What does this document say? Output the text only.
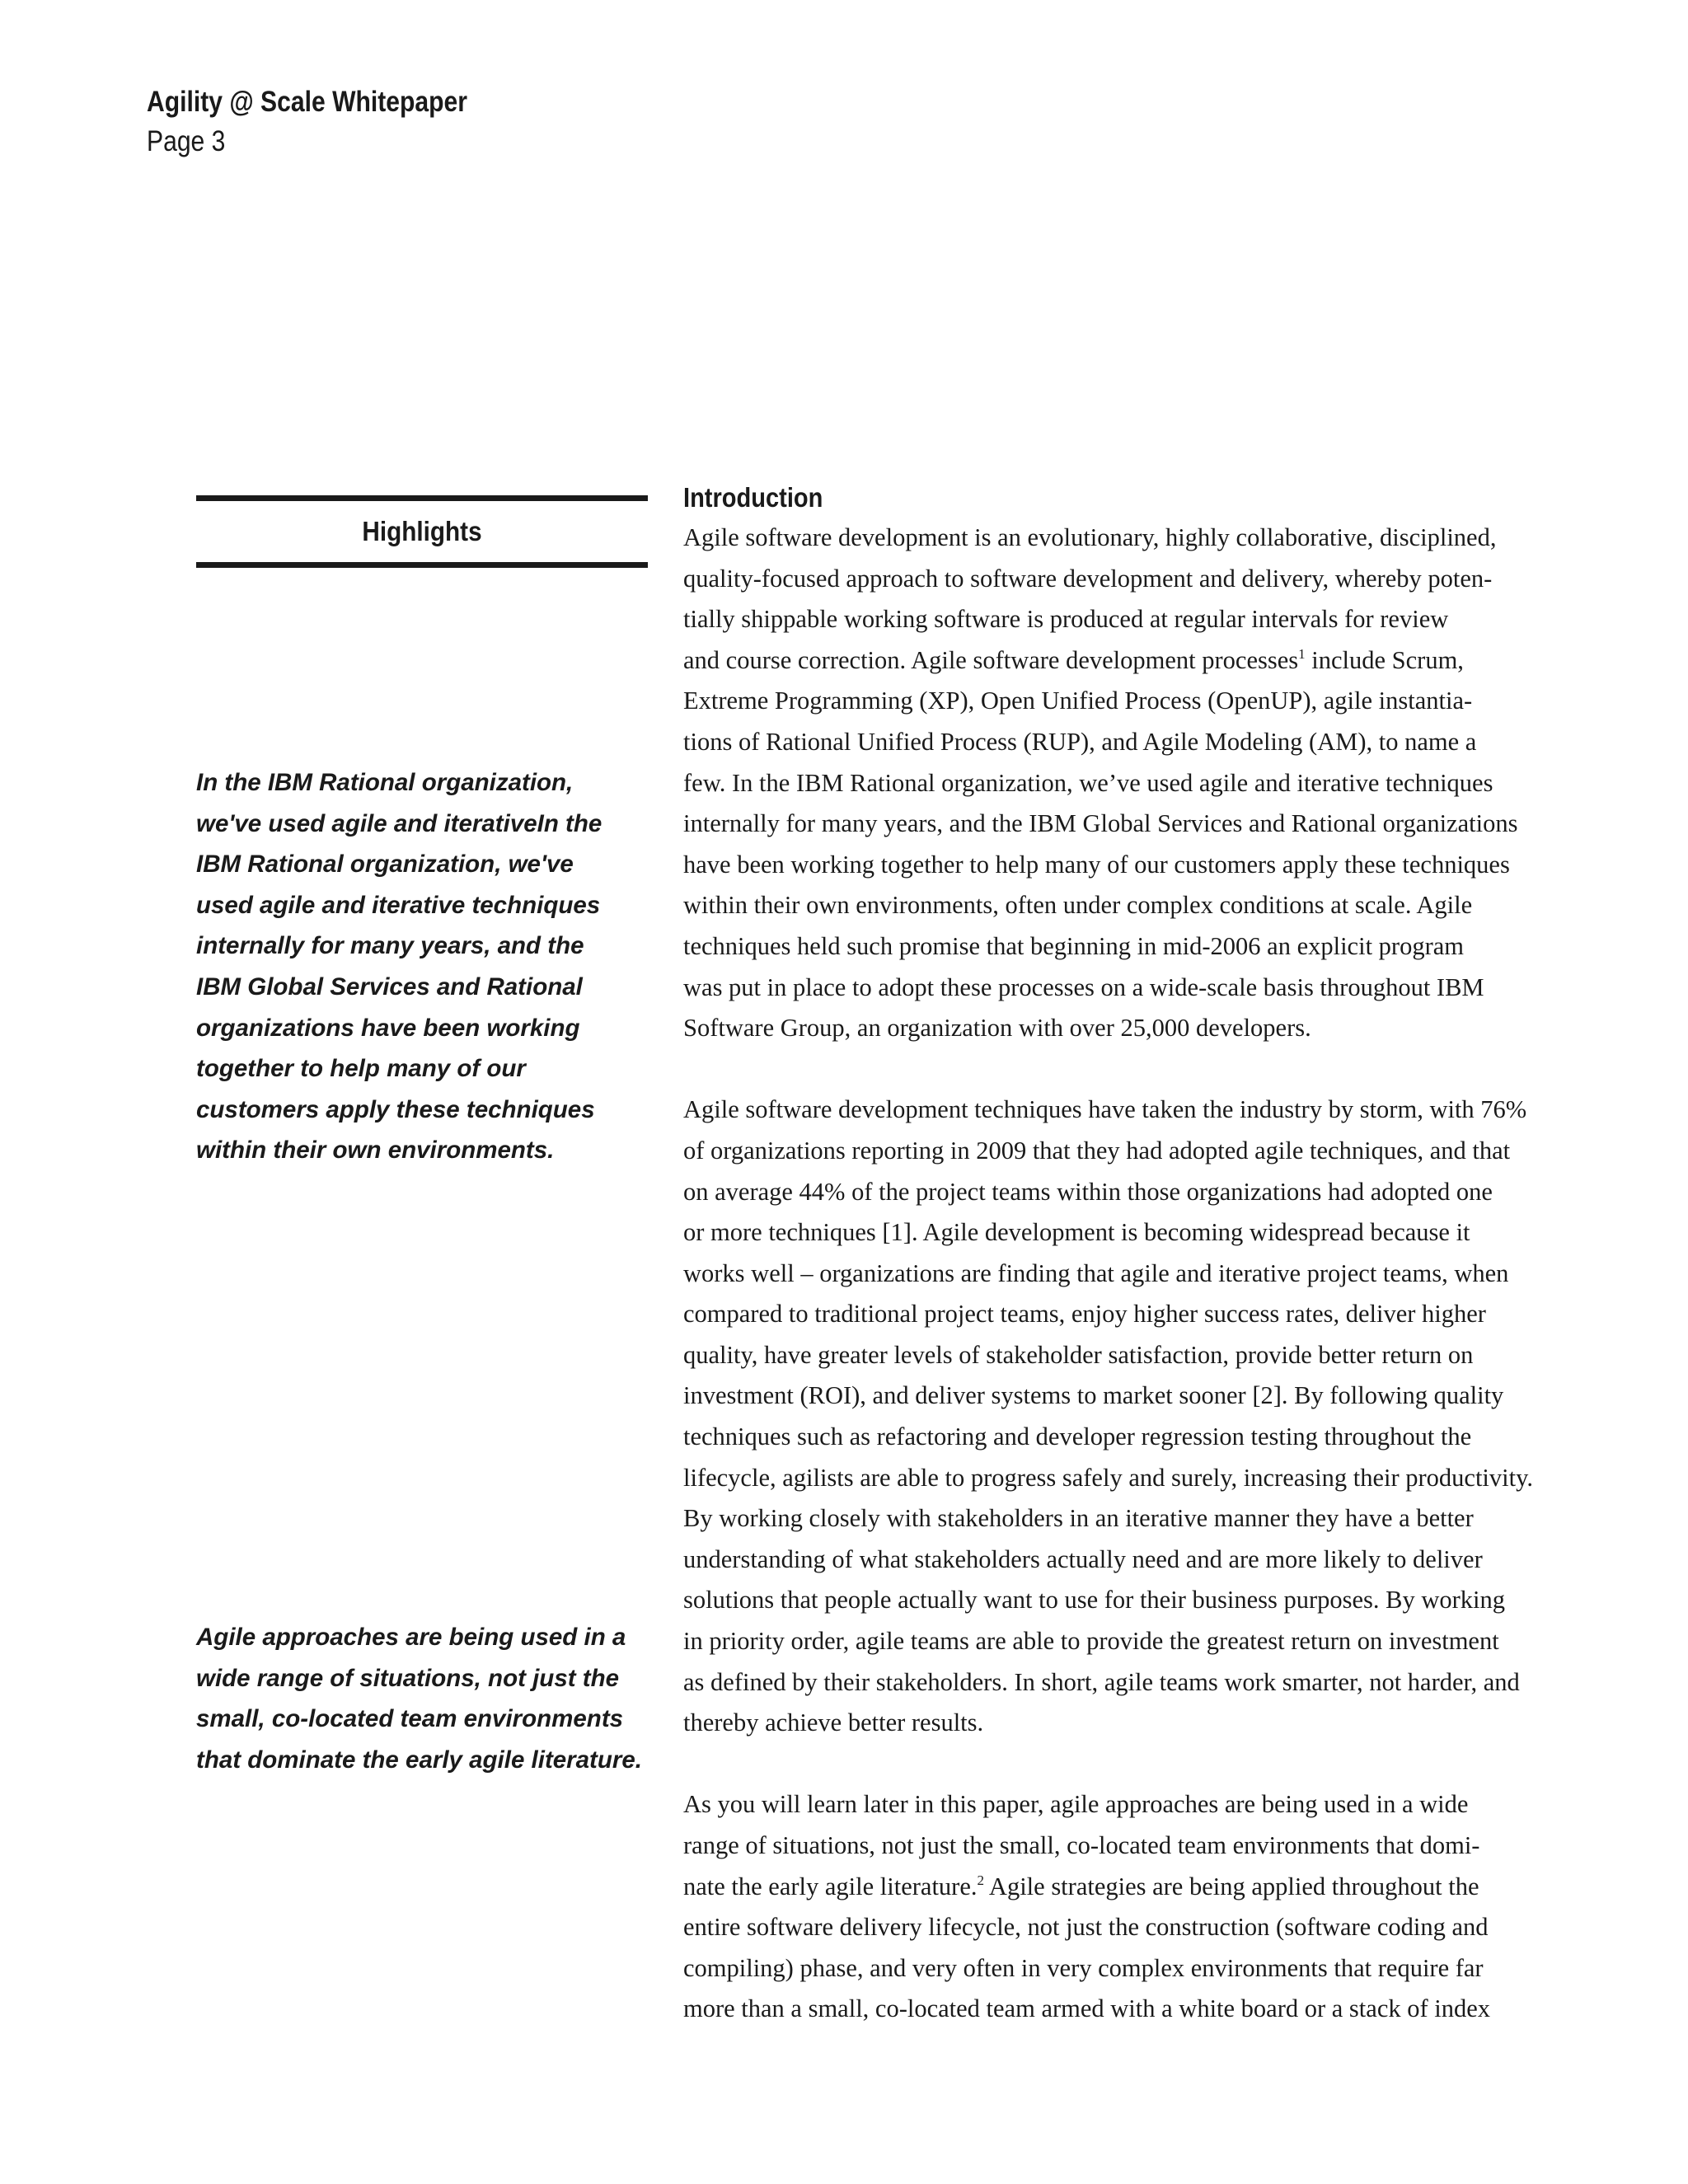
Agility @ Scale Whitepaper
Page 3
Highlights
In the IBM Rational organization,
we've used agile and iterativeIn the
IBM Rational organization, we've
used agile and iterative techniques
internally for many years, and the
IBM Global Services and Rational
organizations have been working
together to help many of our
customers apply these techniques
within their own environments.
Agile approaches are being used in a
wide range of situations, not just the
small, co-located team environments
that dominate the early agile literature.
Introduction
Agile software development is an evolutionary, highly collaborative, disciplined,
quality-focused approach to software development and delivery, whereby poten-
tially shippable working software is produced at regular intervals for review
and course correction. Agile software development processes$^1$ include Scrum,
Extreme Programming (XP), Open Unified Process (OpenUP), agile instantia-
tions of Rational Unified Process (RUP), and Agile Modeling (AM), to name a
few. In the IBM Rational organization, we’ve used agile and iterative techniques
internally for many years, and the IBM Global Services and Rational organizations
have been working together to help many of our customers apply these techniques
within their own environments, often under complex conditions at scale. Agile
techniques held such promise that beginning in mid-2006 an explicit program
was put in place to adopt these processes on a wide-scale basis throughout IBM
Software Group, an organization with over 25,000 developers.
Agile software development techniques have taken the industry by storm, with 76%
of organizations reporting in 2009 that they had adopted agile techniques, and that
on average 44% of the project teams within those organizations had adopted one
or more techniques [1]. Agile development is becoming widespread because it
works well – organizations are finding that agile and iterative project teams, when
compared to traditional project teams, enjoy higher success rates, deliver higher
quality, have greater levels of stakeholder satisfaction, provide better return on
investment (ROI), and deliver systems to market sooner [2]. By following quality
techniques such as refactoring and developer regression testing throughout the
lifecycle, agilists are able to progress safely and surely, increasing their productivity.
By working closely with stakeholders in an iterative manner they have a better
understanding of what stakeholders actually need and are more likely to deliver
solutions that people actually want to use for their business purposes. By working
in priority order, agile teams are able to provide the greatest return on investment
as defined by their stakeholders. In short, agile teams work smarter, not harder, and
thereby achieve better results.
As you will learn later in this paper, agile approaches are being used in a wide
range of situations, not just the small, co-located team environments that domi-
nate the early agile literature.$^2$ Agile strategies are being applied throughout the
entire software delivery lifecycle, not just the construction (software coding and
compiling) phase, and very often in very complex environments that require far
more than a small, co-located team armed with a white board or a stack of index
